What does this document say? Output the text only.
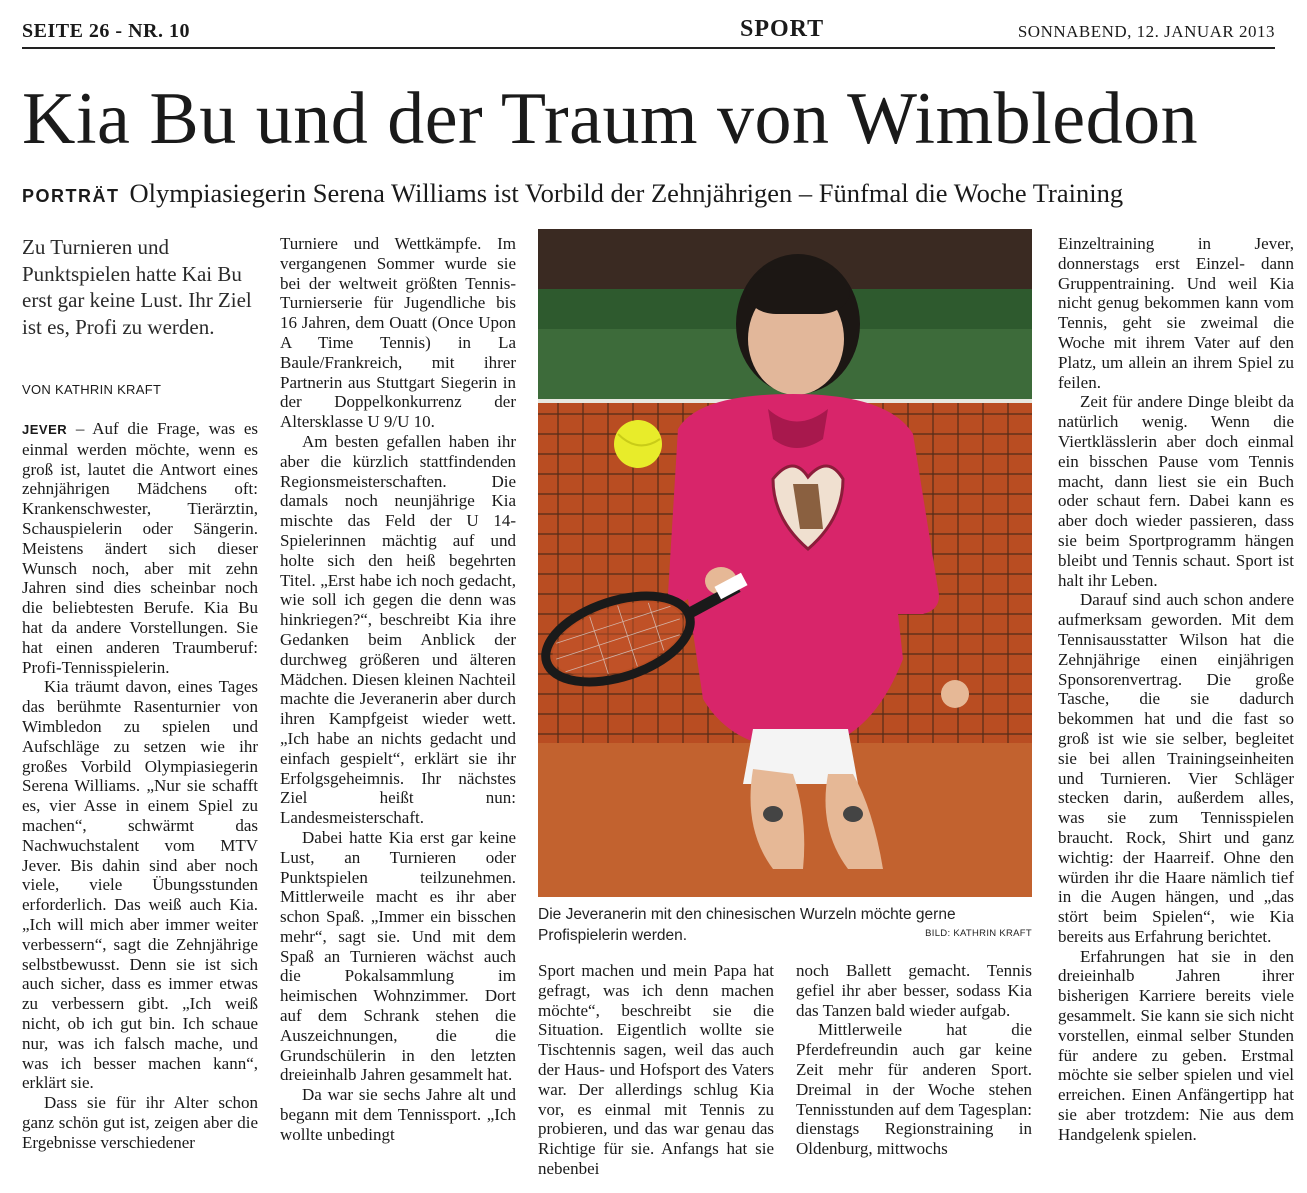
SEITE 26 - NR. 10	SPORT	SONNABEND, 12. JANUAR 2013
Kia Bu und der Traum von Wimbledon
PORTRÄT Olympiasiegerin Serena Williams ist Vorbild der Zehnjährigen – Fünfmal die Woche Training
Zu Turnieren und Punktspielen hatte Kai Bu erst gar keine Lust. Ihr Ziel ist es, Profi zu werden.
VON KATHRIN KRAFT

JEVER – Auf die Frage, was es einmal werden möchte, wenn es groß ist, lautet die Antwort eines zehnjährigen Mädchens oft: Krankenschwester, Tierärztin, Schauspielerin oder Sängerin. Meistens ändert sich dieser Wunsch noch, aber mit zehn Jahren sind dies scheinbar noch die beliebtesten Berufe. Kia Bu hat da andere Vorstellungen. Sie hat einen anderen Traumberuf: Profi-Tennisspielerin.

Kia träumt davon, eines Tages das berühmte Rasenturnier von Wimbledon zu spielen und Aufschläge zu setzen wie ihr großes Vorbild Olympiasiegerin Serena Williams. „Nur sie schafft es, vier Asse in einem Spiel zu machen“, schwärmt das Nachwuchstalent vom MTV Jever. Bis dahin sind aber noch viele, viele Übungsstunden erforderlich. Das weiß auch Kia. „Ich will mich aber immer weiter verbessern“, sagt die Zehnjährige selbstbewusst. Denn sie ist sich auch sicher, dass es immer etwas zu verbessern gibt. „Ich weiß nicht, ob ich gut bin. Ich schaue nur, was ich falsch mache, und was ich besser machen kann“, erklärt sie.

Dass sie für ihr Alter schon ganz schön gut ist, zeigen aber die Ergebnisse verschiedener

Turniere und Wettkämpfe. Im vergangenen Sommer wurde sie bei der weltweit größten Tennis-Turnierserie für Jugendliche bis 16 Jahren, dem Ouatt (Once Upon A Time Tennis) in La Baule/Frankreich, mit ihrer Partnerin aus Stuttgart Siegerin in der Doppelkonkurrenz der Altersklasse U 9/U 10.

Am besten gefallen haben ihr aber die kürzlich stattfindenden Regionsmeisterschaften. Die damals noch neunjährige Kia mischte das Feld der U 14-Spielerinnen mächtig auf und holte sich den heiß begehrten Titel. „Erst habe ich noch gedacht, wie soll ich gegen die denn was hinkriegen?“, beschreibt Kia ihre Gedanken beim Anblick der durchweg größeren und älteren Mädchen. Diesen kleinen Nachteil machte die Jeveranerin aber durch ihren Kampfgeist wieder wett. „Ich habe an nichts gedacht und einfach gespielt“, erklärt sie ihr Erfolgsgeheimnis. Ihr nächstes Ziel heißt nun: Landesmeisterschaft.

Dabei hatte Kia erst gar keine Lust, an Turnieren oder Punktspielen teilzunehmen. Mittlerweile macht es ihr aber schon Spaß. „Immer ein bisschen mehr“, sagt sie. Und mit dem Spaß an Turnieren wächst auch die Pokalsammlung im heimischen Wohnzimmer. Dort auf dem Schrank stehen die Auszeichnungen, die die Grundschülerin in den letzten dreieinhalb Jahren gesammelt hat.

Da war sie sechs Jahre alt und begann mit dem Tennissport. „Ich wollte unbedingt

Die Jeveranerin mit den chinesischen Wurzeln möchte gerne Profispielerin werden.	BILD: KATHRIN KRAFT

Sport machen und mein Papa hat gefragt, was ich denn machen möchte“, beschreibt sie die Situation. Eigentlich wollte sie Tischtennis sagen, weil das auch der Haus- und Hofsport des Vaters war. Der allerdings schlug Kia vor, es einmal mit Tennis zu probieren, und das war genau das Richtige für sie. Anfangs hat sie nebenbei

noch Ballett gemacht. Tennis gefiel ihr aber besser, sodass Kia das Tanzen bald wieder aufgab.

Mittlerweile hat die Pferdefreundin auch gar keine Zeit mehr für anderen Sport. Dreimal in der Woche stehen Tennisstunden auf dem Tagesplan: dienstags Regionstraining in Oldenburg, mittwochs

Einzeltraining in Jever, donnerstags erst Einzel- dann Gruppentraining. Und weil Kia nicht genug bekommen kann vom Tennis, geht sie zweimal die Woche mit ihrem Vater auf den Platz, um allein an ihrem Spiel zu feilen.

Zeit für andere Dinge bleibt da natürlich wenig. Wenn die Viertklässlerin aber doch einmal ein bisschen Pause vom Tennis macht, dann liest sie ein Buch oder schaut fern. Dabei kann es aber doch wieder passieren, dass sie beim Sportprogramm hängen bleibt und Tennis schaut. Sport ist halt ihr Leben.

Darauf sind auch schon andere aufmerksam geworden. Mit dem Tennisausstatter Wilson hat die Zehnjährige einen einjährigen Sponsorenvertrag. Die große Tasche, die sie dadurch bekommen hat und die fast so groß ist wie sie selber, begleitet sie bei allen Trainingseinheiten und Turnieren. Vier Schläger stecken darin, außerdem alles, was sie zum Tennisspielen braucht. Rock, Shirt und ganz wichtig: der Haarreif. Ohne den würden ihr die Haare nämlich tief in die Augen hängen, und „das stört beim Spielen“, wie Kia bereits aus Erfahrung berichtet.

Erfahrungen hat sie in den dreieinhalb Jahren ihrer bisherigen Karriere bereits viele gesammelt. Sie kann sie sich nicht vorstellen, einmal selber Stunden für andere zu geben. Erstmal möchte sie selber spielen und viel erreichen. Einen Anfängertipp hat sie aber trotzdem: Nie aus dem Handgelenk spielen.
